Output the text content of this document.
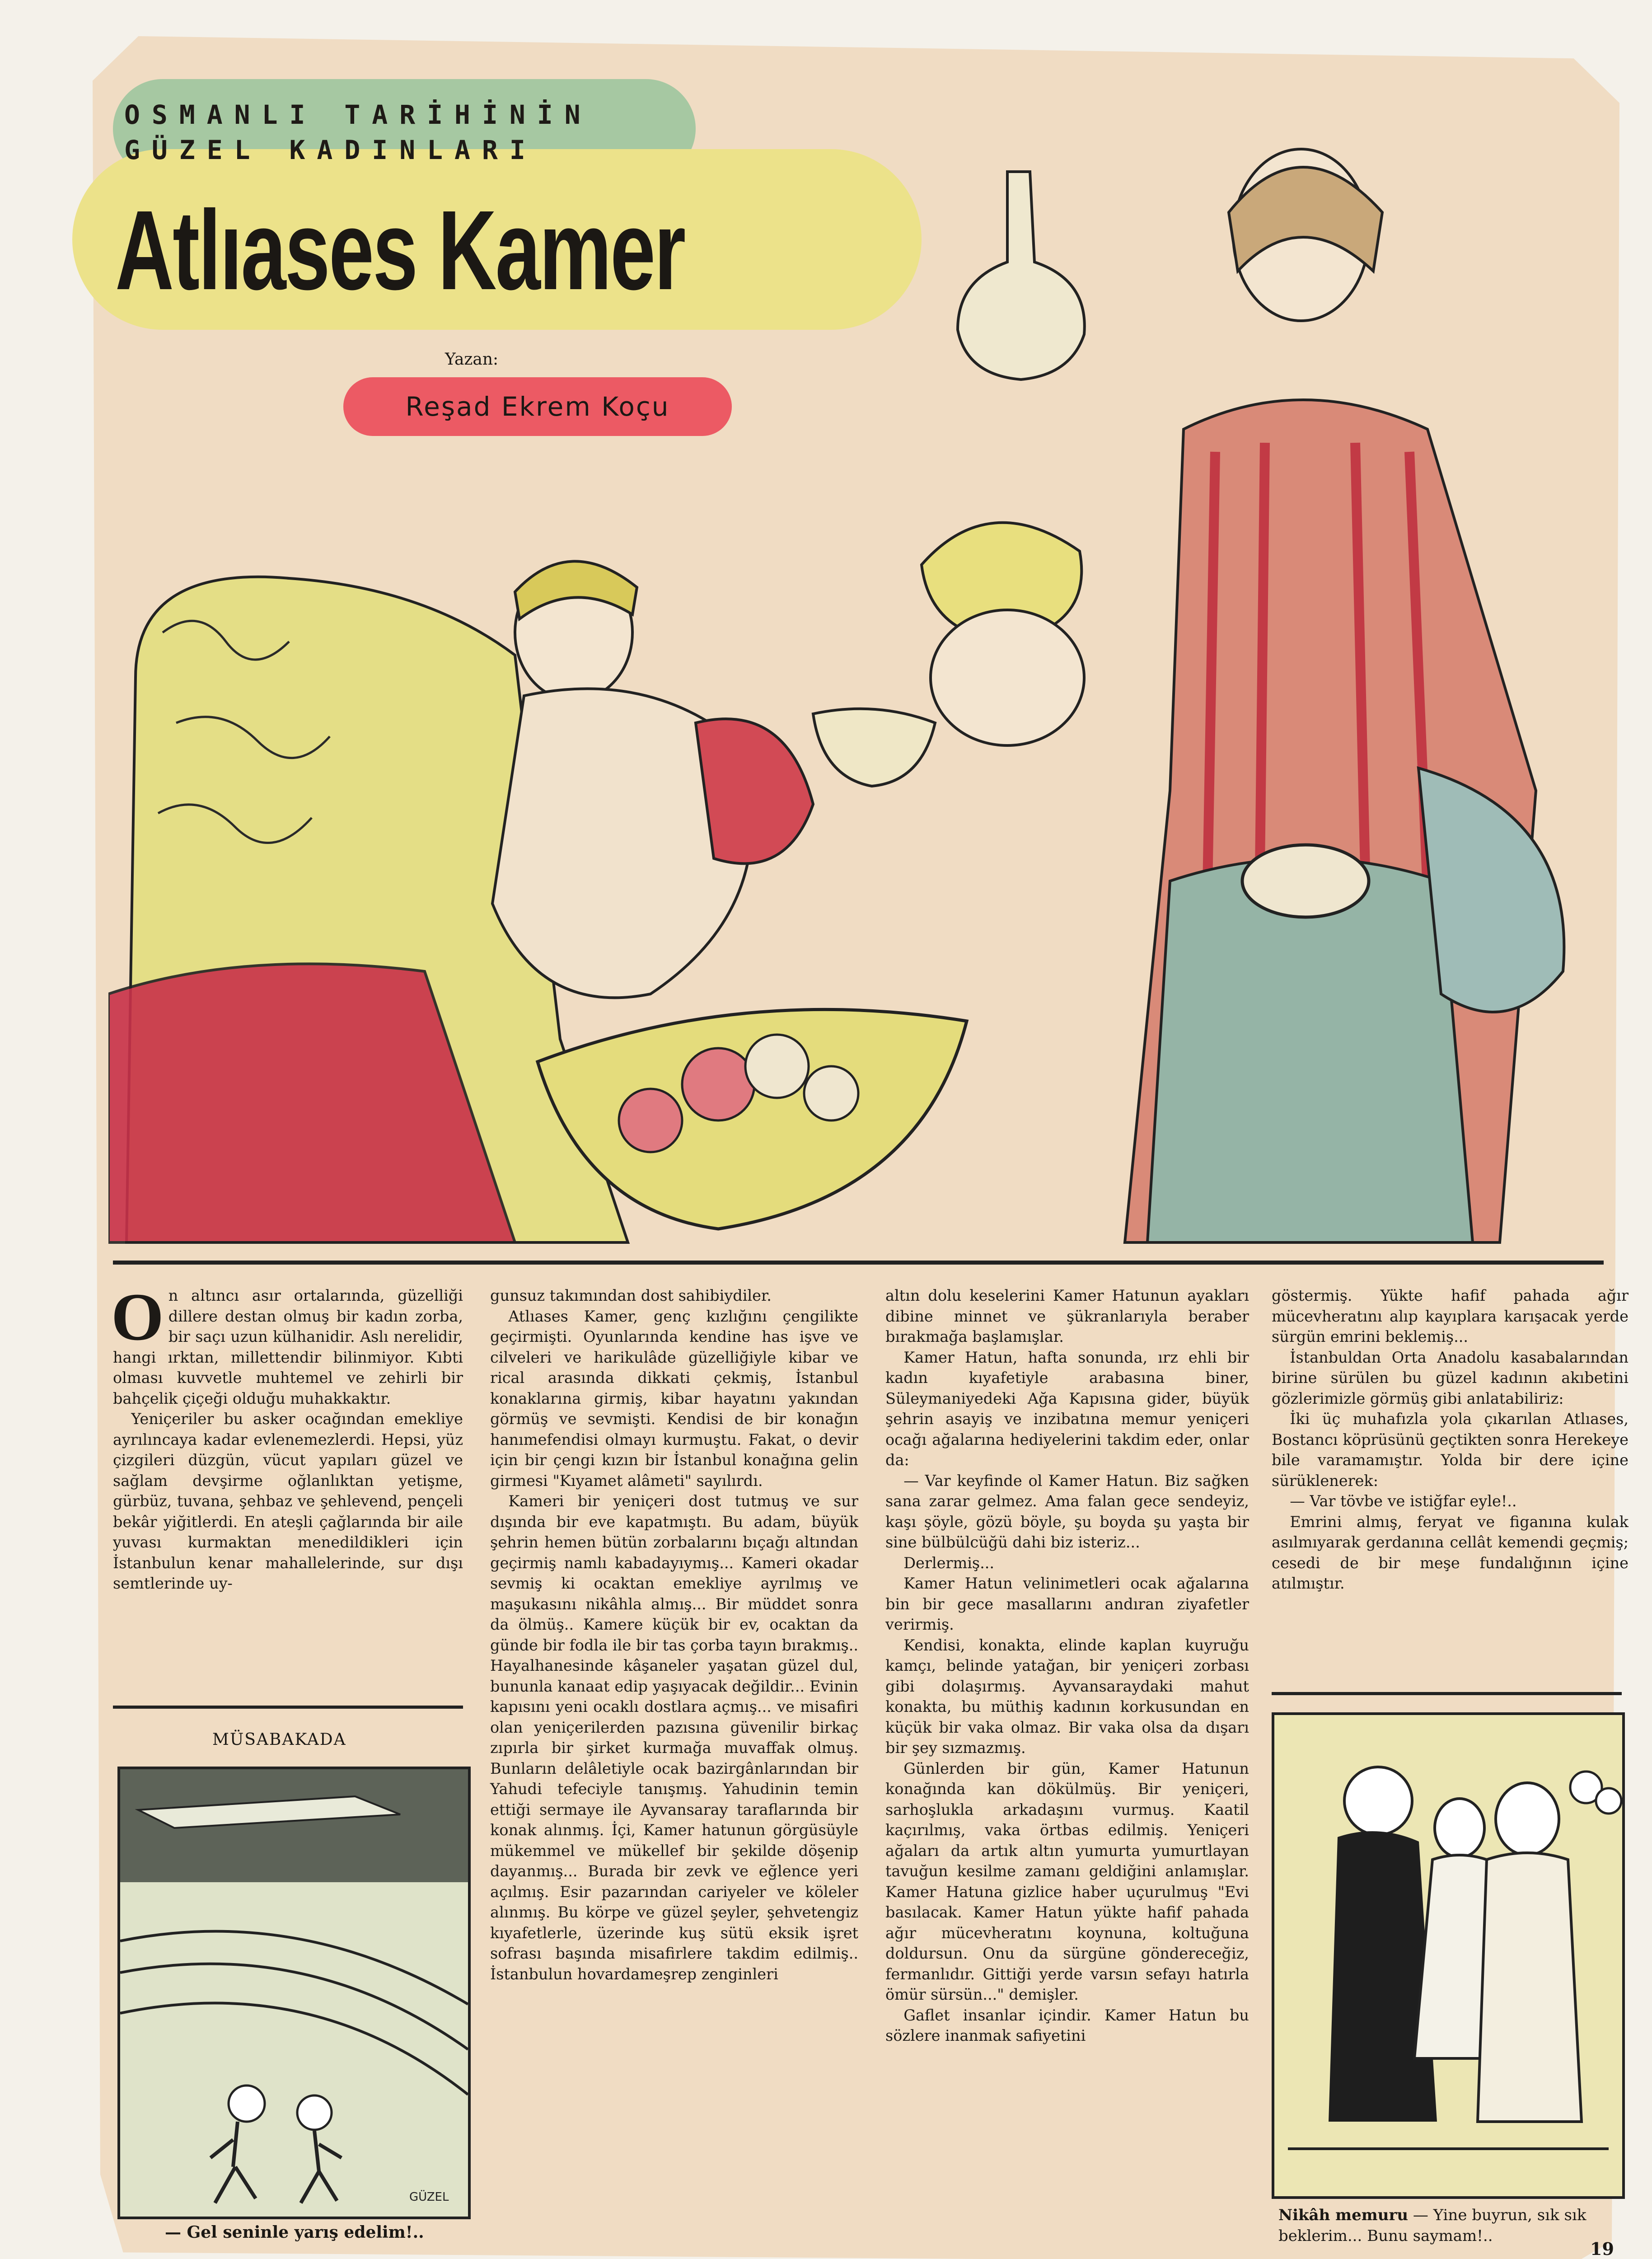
OSMANLI TARİHİNİN
GÜZEL KADINLARI
Atlıases Kamer
Yazan:
Reşad Ekrem Koçu

On altıncı asır ortalarında, güzelliği dillere destan olmuş bir kadın zorba, bir saçı uzun külhanidir. Aslı nerelidir, hangi ırktan, millettendir bilinmiyor. Kıbti olması kuvvetle muhtemel ve zehirli bir bahçelik çiçeği olduğu muhakkaktır.

Yeniçeriler bu asker ocağından emekliye ayrılıncaya kadar evlenemezlerdi. Hepsi, yüz çizgileri düzgün, vücut yapıları güzel ve sağlam devşirme oğlanlıktan yetişme, gürbüz, tuvana, şehbaz ve şehlevend, pençeli bekâr yiğitlerdi. En ateşli çağlarında bir aile yuvası kurmaktan menedildikleri için İstanbulun kenar mahallelerinde, sur dışı semtlerinde uy-

gunsuz takımından dost sahibiydiler.

Atlıases Kamer, genç kızlığını çengilikte geçirmişti. Oyunlarında kendine has işve ve cilveleri ve harikulâde güzelliğiyle kibar ve rical arasında dikkati çekmiş, İstanbul konaklarına girmiş, kibar hayatını yakından görmüş ve sevmişti. Kendisi de bir konağın hanımefendisi olmayı kurmuştu. Fakat, o devir için bir çengi kızın bir İstanbul konağına gelin girmesi "Kıyamet alâmeti" sayılırdı.

Kameri bir yeniçeri dost tutmuş ve sur dışında bir eve kapatmıştı. Bu adam, büyük şehrin hemen bütün zorbalarını bıçağı altından geçirmiş namlı kabadayıymış... Kameri okadar sevmiş ki ocaktan emekliye ayrılmış ve maşukasını nikâhla almış... Bir müddet sonra da ölmüş.. Kamere küçük bir ev, ocaktan da günde bir fodla ile bir tas çorba tayın bırakmış.. Hayalhanesinde kâşaneler yaşatan güzel dul, bununla kanaat edip yaşıyacak değildir... Evinin kapısını yeni ocaklı dostlara açmış... ve misafiri olan yeniçerilerden pazısına güvenilir birkaç zıpırla bir şirket kurmağa muvaffak olmuş. Bunların delâletiyle ocak bazirgânlarından bir Yahudi tefeciyle tanışmış. Yahudinin temin ettiği sermaye ile Ayvansaray taraflarında bir konak alınmış. İçi, Kamer hatunun görgüsüyle mükemmel ve mükellef bir şekilde döşenip dayanmış... Burada bir zevk ve eğlence yeri açılmış. Esir pazarından cariyeler ve köleler alınmış. Bu körpe ve güzel şeyler, şehvetengiz kıyafetlerle, üzerinde kuş sütü eksik işret sofrası başında misafirlere takdim edilmiş.. İstanbulun hovardameşrep zenginleri

altın dolu keselerini Kamer Hatunun ayakları dibine minnet ve şükranlarıyla beraber bırakmağa başlamışlar.

Kamer Hatun, hafta sonunda, ırz ehli bir kadın kıyafetiyle arabasına biner, Süleymaniyedeki Ağa Kapısına gider, büyük şehrin asayiş ve inzibatına memur yeniçeri ocağı ağalarına hediyelerini takdim eder, onlar da:

— Var keyfinde ol Kamer Hatun. Biz sağken sana zarar gelmez. Ama falan gece sendeyiz, kaşı şöyle, gözü böyle, şu boyda şu yaşta bir sine bülbülcüğü dahi biz isteriz...

Derlermiş...

Kamer Hatun velinimetleri ocak ağalarına bin bir gece masallarını andıran ziyafetler verirmiş.

Kendisi, konakta, elinde kaplan kuyruğu kamçı, belinde yatağan, bir yeniçeri zorbası gibi dolaşırmış. Ayvansaraydaki mahut konakta, bu müthiş kadının korkusundan en küçük bir vaka olmaz. Bir vaka olsa da dışarı bir şey sızmazmış.

Günlerden bir gün, Kamer Hatunun konağında kan dökülmüş. Bir yeniçeri, sarhoşlukla arkadaşını vurmuş. Kaatil kaçırılmış, vaka örtbas edilmiş. Yeniçeri ağaları da artık altın yumurta yumurtlayan tavuğun kesilme zamanı geldiğini anlamışlar. Kamer Hatuna gizlice haber uçurulmuş "Evi basılacak. Kamer Hatun yükte hafif pahada ağır mücevheratını koynuna, koltuğuna doldursun. Onu da sürgüne göndereceğiz, fermanlıdır. Gittiği yerde varsın sefayı hatırla ömür sürsün..." demişler.

Gaflet insanlar içindir. Kamer Hatun bu sözlere inanmak safiyetini

göstermiş. Yükte hafif pahada ağır mücevheratını alıp kayıplara karışacak yerde sürgün emrini beklemiş...

İstanbuldan Orta Anadolu kasabalarından birine sürülen bu güzel kadının akıbetini gözlerimizle görmüş gibi anlatabiliriz:

İki üç muhafızla yola çıkarılan Atlıases, Bostancı köprüsünü geçtikten sonra Herekeye bile varamamıştır. Yolda bir dere içine sürüklenerek:

— Var tövbe ve istiğfar eyle!..

Emrini almış, feryat ve figanına kulak asılmıyarak gerdanına cellât kemendi geçmiş; cesedi de bir meşe fundalığının içine atılmıştır.

MÜSABAKADA
GÜZEL
— Gel seninle yarış edelim!..
Nikâh memuru — Yine buyrun, sık sık beklerim... Bunu saymam!..
19
